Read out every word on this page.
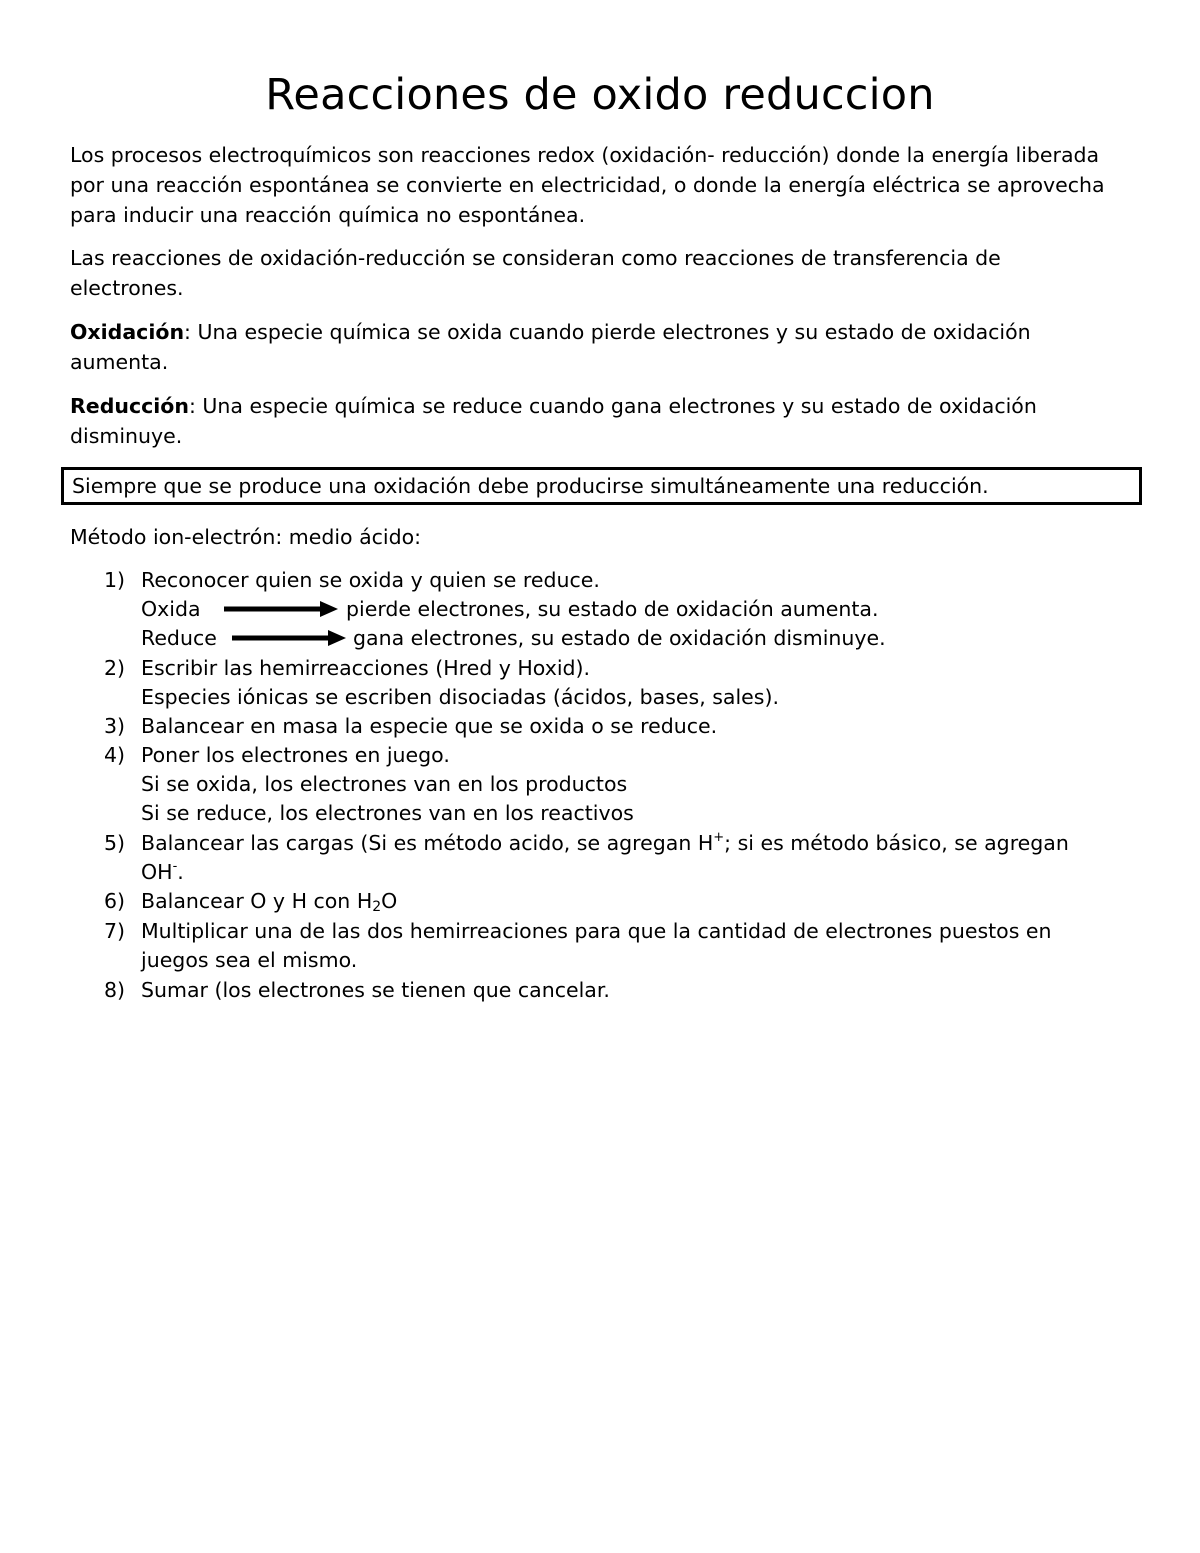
Reacciones de oxido reduccion
Los procesos electroquímicos son reacciones redox (oxidación- reducción) donde la energía liberada
por una reacción espontánea se convierte en electricidad, o donde la energía eléctrica se aprovecha
para inducir una reacción química no espontánea.
Las reacciones de oxidación-reducción se consideran como reacciones de transferencia de
electrones.
Oxidación: Una especie química se oxida cuando pierde electrones y su estado de oxidación
aumenta.
Reducción: Una especie química se reduce cuando gana electrones y su estado de oxidación
disminuye.
Siempre que se produce una oxidación debe producirse simultáneamente una reducción.
Método ion-electrón: medio ácido:
1) Reconocer quien se oxida y quien se reduce.
Oxida	pierde electrones, su estado de oxidación aumenta.
Reduce	gana electrones, su estado de oxidación disminuye.
2) Escribir las hemirreacciones (Hred y Hoxid).
Especies iónicas se escriben disociadas (ácidos, bases, sales).
3) Balancear en masa la especie que se oxida o se reduce.
4) Poner los electrones en juego.
Si se oxida, los electrones van en los productos
Si se reduce, los electrones van en los reactivos
5) Balancear las cargas (Si es método acido, se agregan H+; si es método básico, se agregan
OH-.
6) Balancear O y H con $H_2O$
7) Multiplicar una de las dos hemirreaciones para que la cantidad de electrones puestos en
juegos sea el mismo.
8) Sumar (los electrones se tienen que cancelar.
